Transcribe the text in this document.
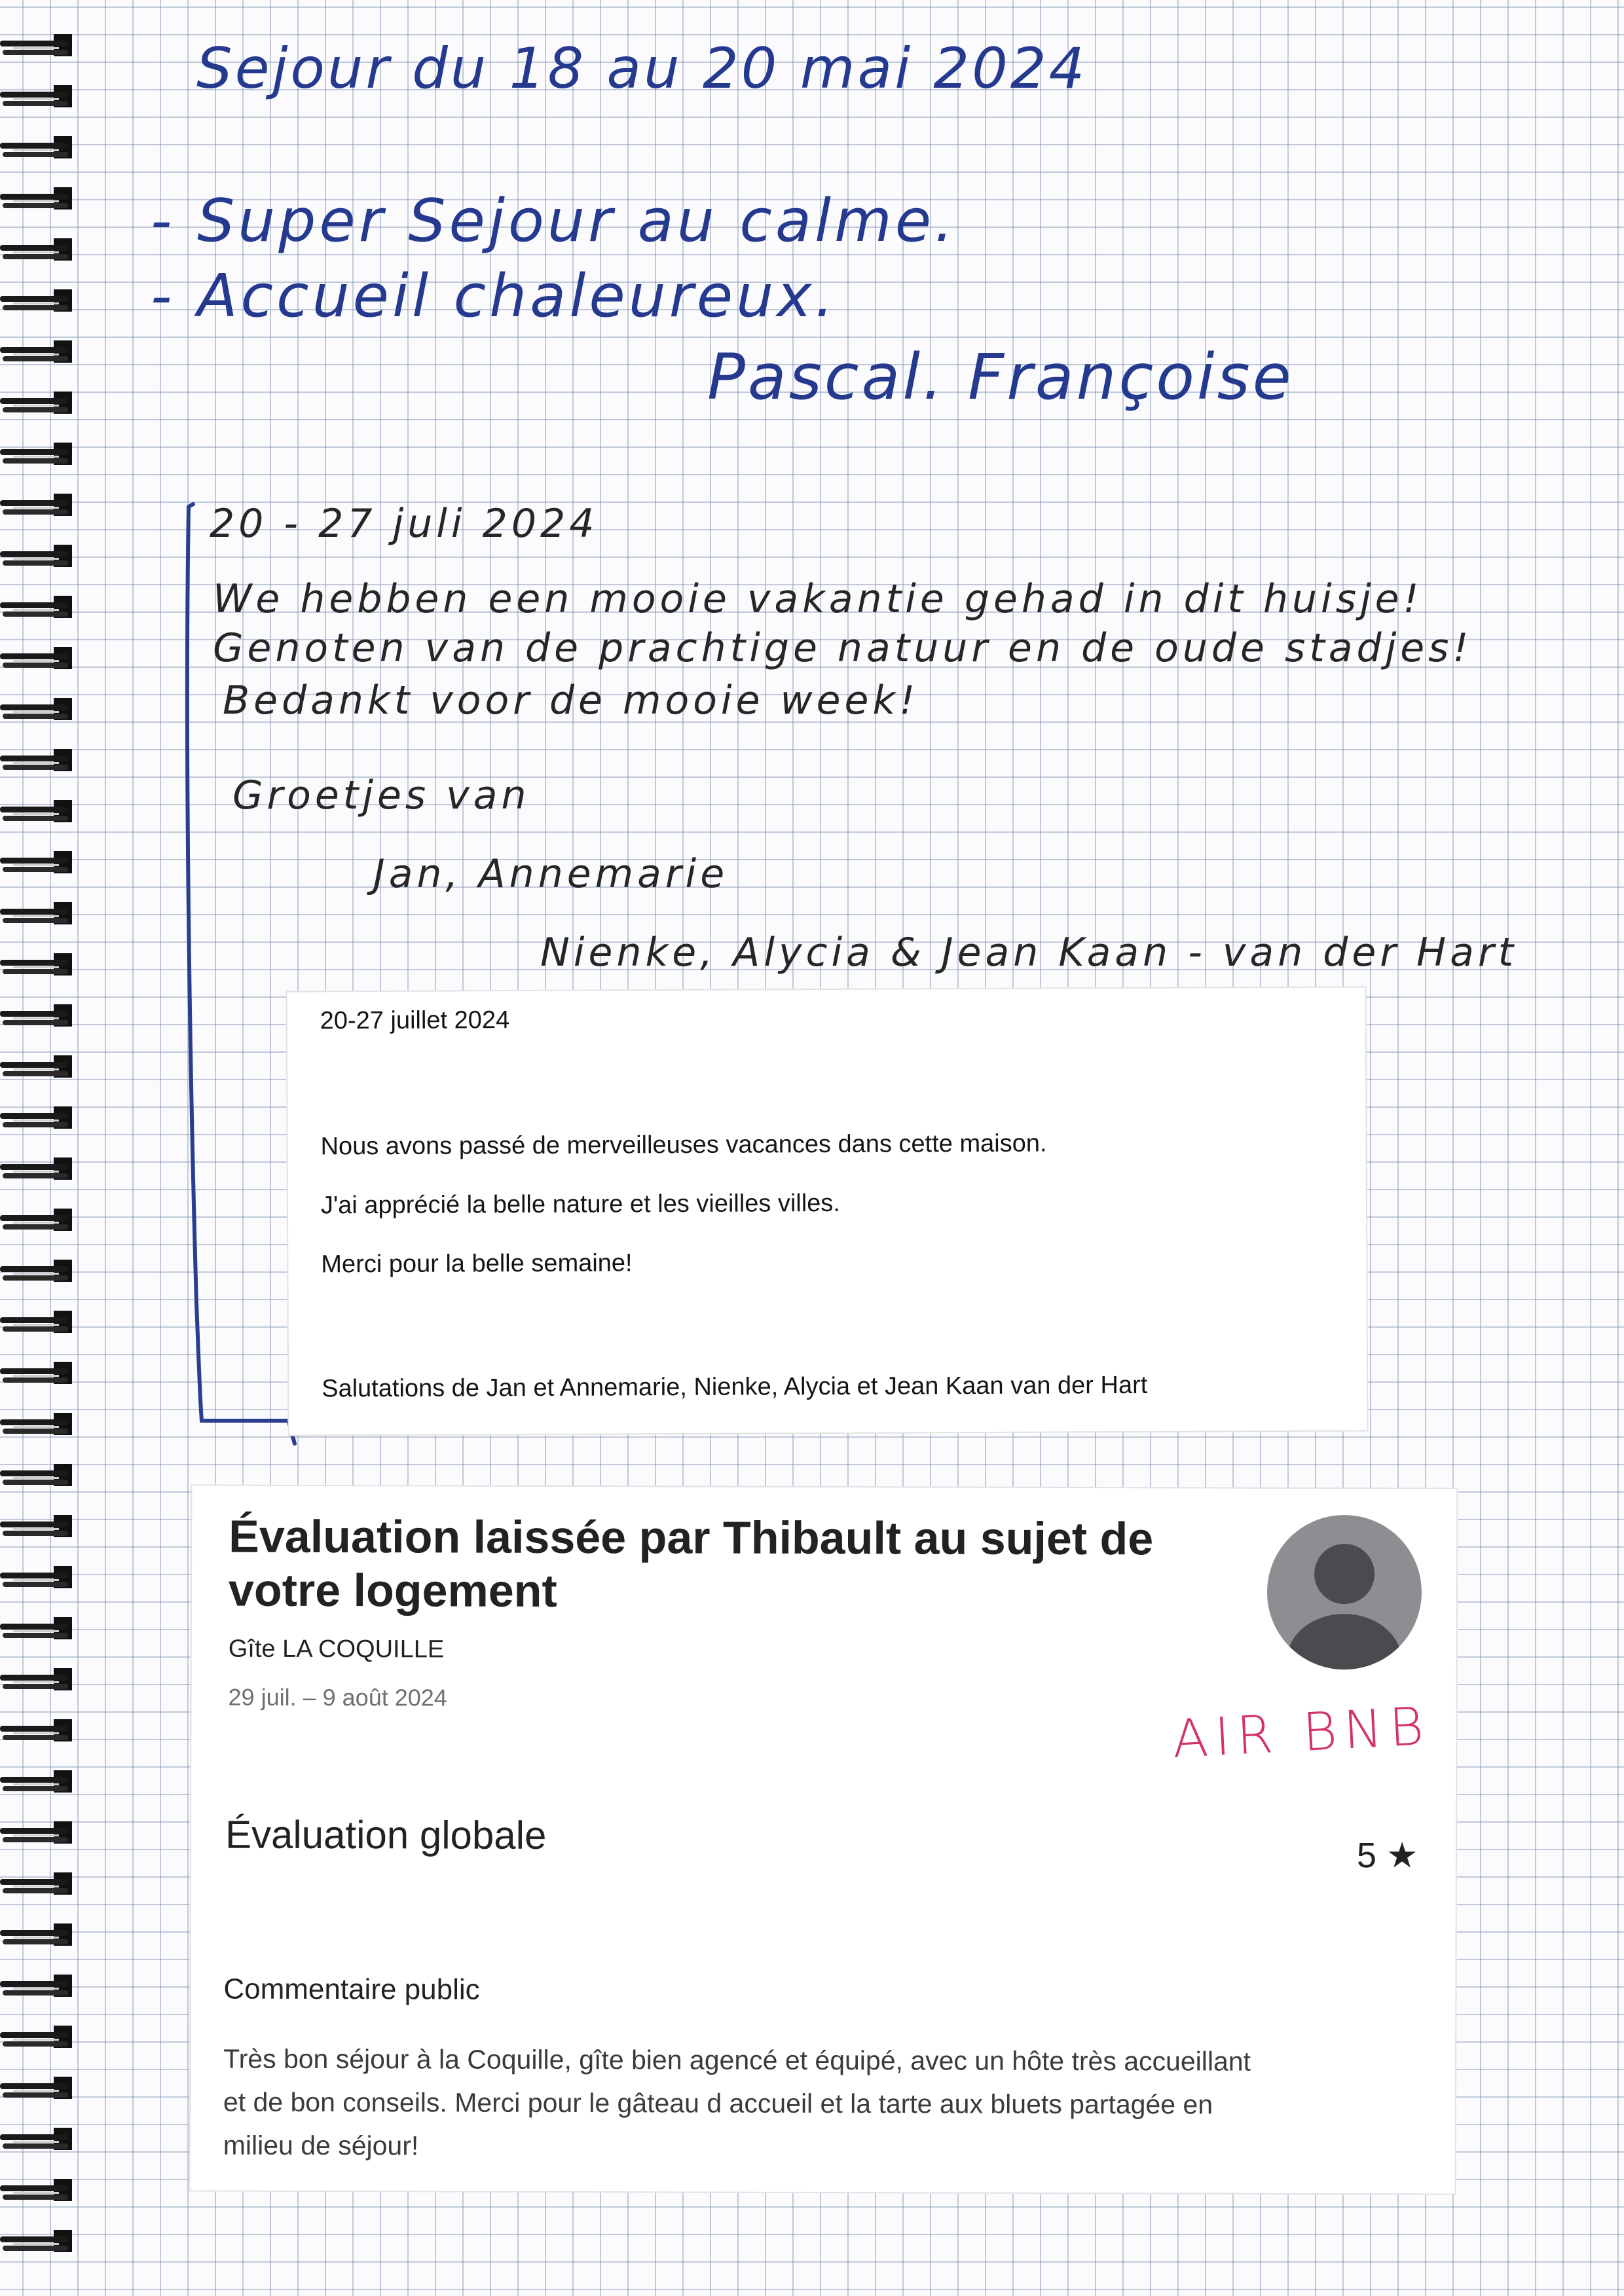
Sejour du 18 au 20 mai 2024

- Super Sejour au calme.

- Accueil chaleureux.

Pascal. Françoise

20 - 27 juli 2024

We hebben een mooie vakantie gehad in dit huisje!

Genoten van de prachtige natuur en de oude stadjes!

Bedankt voor de mooie week!

Groetjes van

Jan, Annemarie

Nienke, Alycia & Jean Kaan - van der Hart

20-27 juillet 2024

Nous avons passé de merveilleuses vacances dans cette maison.

J'ai apprécié la belle nature et les vieilles villes.

Merci pour la belle semaine!

Salutations de Jan et Annemarie, Nienke, Alycia et Jean Kaan van der Hart

Évaluation laissée par Thibault au sujet de
votre logement

Gîte LA COQUILLE

29 juil. – 9 août 2024

Évaluation globale	5 ★

Commentaire public

Très bon séjour à la Coquille, gîte bien agencé et équipé, avec un hôte très accueillant
et de bon conseils. Merci pour le gâteau d accueil et la tarte aux bluets partagée en
milieu de séjour!

AIR BNB
